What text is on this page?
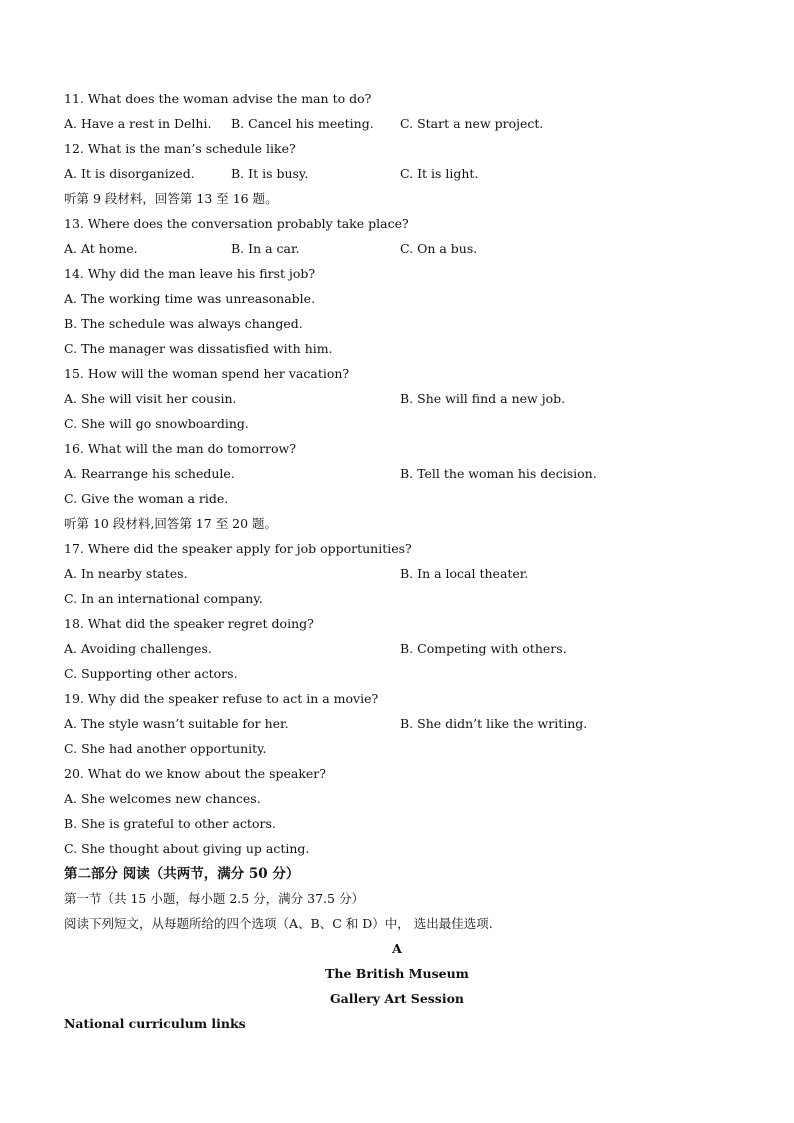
11. What does the woman advise the man to do?
A. Have a rest in Delhi. B. Cancel his meeting. C. Start a new project.
12. What is the man’s schedule like?
A. It is disorganized.	B. It is busy.	C. It is light.
听第 9 段材料，回答第 13 至 16 题。
13. Where does the conversation probably take place?
A. At home.	B. In a car.	C. On a bus.
14. Why did the man leave his first job?
A. The working time was unreasonable.
B. The schedule was always changed.
C. The manager was dissatisfied with him.
15. How will the woman spend her vacation?
A. She will visit her cousin.	B. She will find a new job.
C. She will go snowboarding.
16. What will the man do tomorrow?
A. Rearrange his schedule.	B. Tell the woman his decision.
C. Give the woman a ride.
听第 10 段材料,回答第 17 至 20 题。
17. Where did the speaker apply for job opportunities?
A. In nearby states.	B. In a local theater.
C. In an international company.
18. What did the speaker regret doing?
A. Avoiding challenges.	B. Competing with others.
C. Supporting other actors.
19. Why did the speaker refuse to act in a movie?
A. The style wasn’t suitable for her.	B. She didn’t like the writing.
C. She had another opportunity.
20. What do we know about the speaker?
A. She welcomes new chances.
B. She is grateful to other actors.
C. She thought about giving up acting.
第二部分 阅读（共两节，满分 50 分）
第一节（共 15 小题，每小题 2.5 分，满分 37.5 分）
阅读下列短文，从每题所给的四个选项（A、B、C 和 D）中， 选出最佳选项.
A
The British Museum
Gallery Art Session
National curriculum links
